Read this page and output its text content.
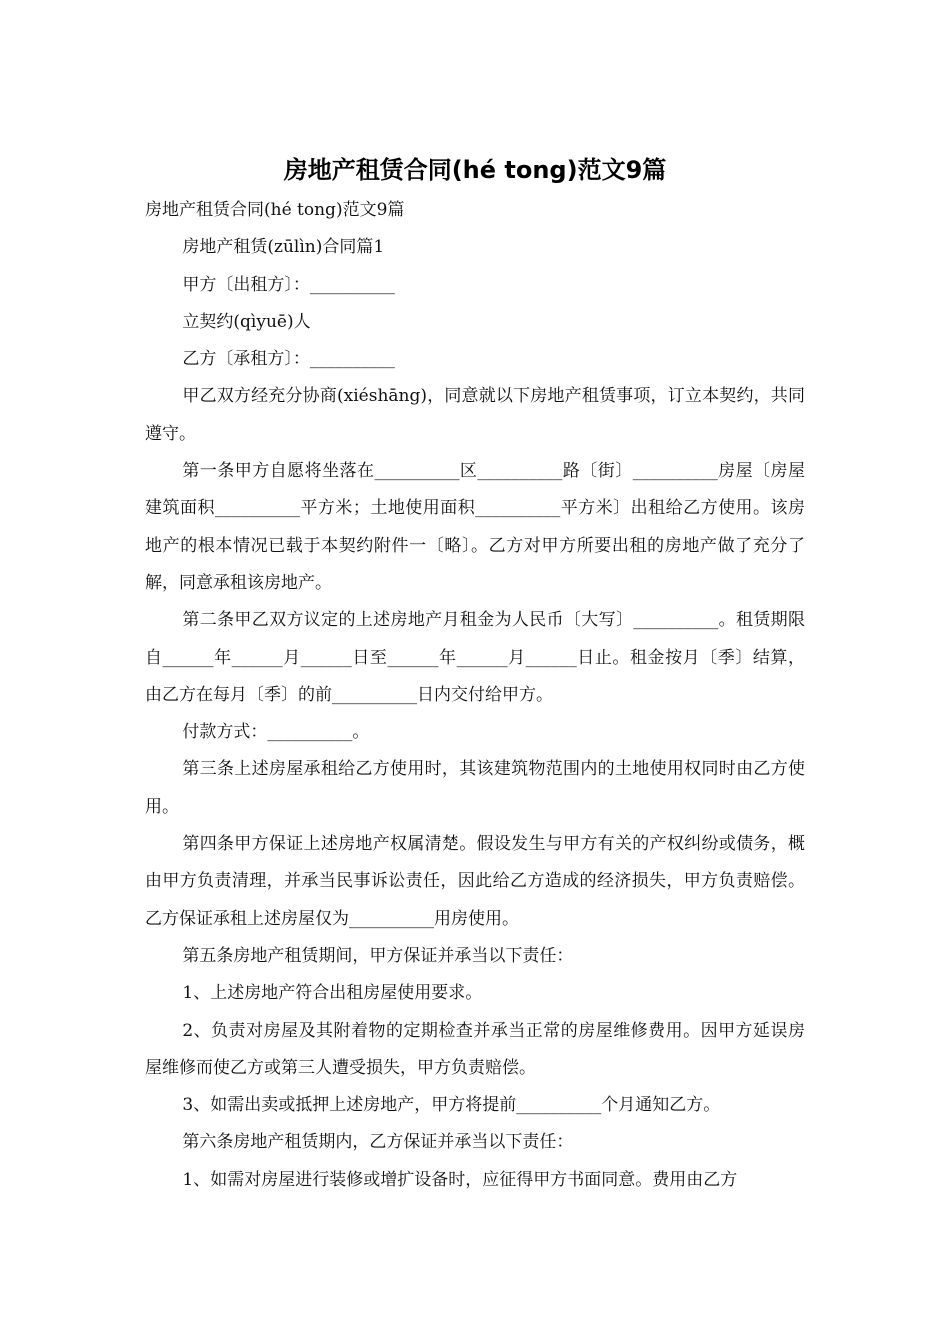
房地产租赁合同(hé tong)范文9篇

房地产租赁合同(hé tong)范文9篇

房地产租赁(zūlìn)合同篇1

甲方〔出租方〕：__________

立契约(qìyuē)人

乙方〔承租方〕：__________

甲乙双方经充分协商(xiéshāng)，同意就以下房地产租赁事项，订立本契约，共同遵守。

第一条甲方自愿将坐落在__________区__________路〔街〕__________房屋〔房屋建筑面积__________平方米；土地使用面积__________平方米〕出租给乙方使用。该房地产的根本情况已载于本契约附件一〔略〕。乙方对甲方所要出租的房地产做了充分了解，同意承租该房地产。

第二条甲乙双方议定的上述房地产月租金为人民币〔大写〕__________。租赁期限自______年______月______日至______年______月______日止。租金按月〔季〕结算，由乙方在每月〔季〕的前__________日内交付给甲方。

付款方式：__________。

第三条上述房屋承租给乙方使用时，其该建筑物范围内的土地使用权同时由乙方使用。

第四条甲方保证上述房地产权属清楚。假设发生与甲方有关的产权纠纷或债务，概由甲方负责清理，并承当民事诉讼责任，因此给乙方造成的经济损失，甲方负责赔偿。乙方保证承租上述房屋仅为__________用房使用。

第五条房地产租赁期间，甲方保证并承当以下责任：

1、上述房地产符合出租房屋使用要求。

2、负责对房屋及其附着物的定期检查并承当正常的房屋维修费用。因甲方延误房屋维修而使乙方或第三人遭受损失，甲方负责赔偿。

3、如需出卖或抵押上述房地产，甲方将提前__________个月通知乙方。

第六条房地产租赁期内，乙方保证并承当以下责任：

1、如需对房屋进行装修或增扩设备时，应征得甲方书面同意。费用由乙方
